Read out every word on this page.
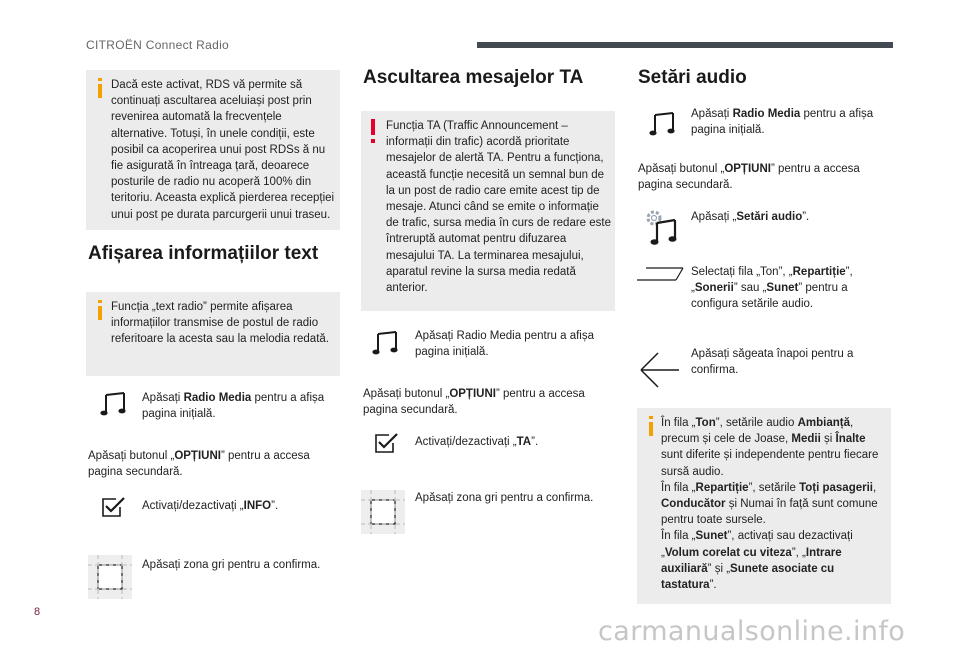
CITROËN Connect Radio
Dacă este activat, RDS vă permite să continuați ascultarea aceluiași post prin revenirea automată la frecvențele alternative. Totuși, în unele condiții, este posibil ca acoperirea unui post RDSs ă nu fie asigurată în întreaga țară, deoarece posturile de radio nu acoperă 100% din teritoriu. Aceasta explică pierderea recepției unui post pe durata parcurgerii unui traseu.
Afișarea informațiilor text
Funcția „text radio” permite afișarea informațiilor transmise de postul de radio referitoare la acesta sau la melodia redată.

Apăsați Radio Media pentru a afișa pagina inițială.

Apăsați butonul „OPȚIUNI” pentru a accesa pagina secundară.

Activați/dezactivați „INFO”.

Apăsați zona gri pentru a confirma.

Ascultarea mesajelor TA
Funcția TA (Traffic Announcement – informații din trafic) acordă prioritate mesajelor de alertă TA. Pentru a funcționa, această funcție necesită un semnal bun de la un post de radio care emite acest tip de mesaje. Atunci când se emite o informație de trafic, sursa media în curs de redare este întreruptă automat pentru difuzarea mesajului TA. La terminarea mesajului, aparatul revine la sursa media redată anterior.

Apăsați Radio Media pentru a afișa pagina inițială.

Apăsați butonul „OPȚIUNI” pentru a accesa pagina secundară.

Activați/dezactivați „TA”.

Apăsați zona gri pentru a confirma.

Setări audio

Apăsați Radio Media pentru a afișa pagina inițială.

Apăsați butonul „OPȚIUNI” pentru a accesa pagina secundară.

Apăsați „Setări audio”.

Selectați fila „Ton”, „Repartiție”, „Sonerii” sau „Sunet” pentru a configura setările audio.

Apăsați săgeata înapoi pentru a confirma.

În fila „Ton”, setările audio Ambianță, precum și cele de Joase, Medii și Înalte sunt diferite și independente pentru fiecare sursă audio.
În fila „Repartiție”, setările Toți pasagerii, Conducător și Numai în față sunt comune pentru toate sursele.
În fila „Sunet”, activați sau dezactivați „Volum corelat cu viteza”, „Intrare auxiliară” și „Sunete asociate cu tastatura”.
8
carmanualsonline.info
